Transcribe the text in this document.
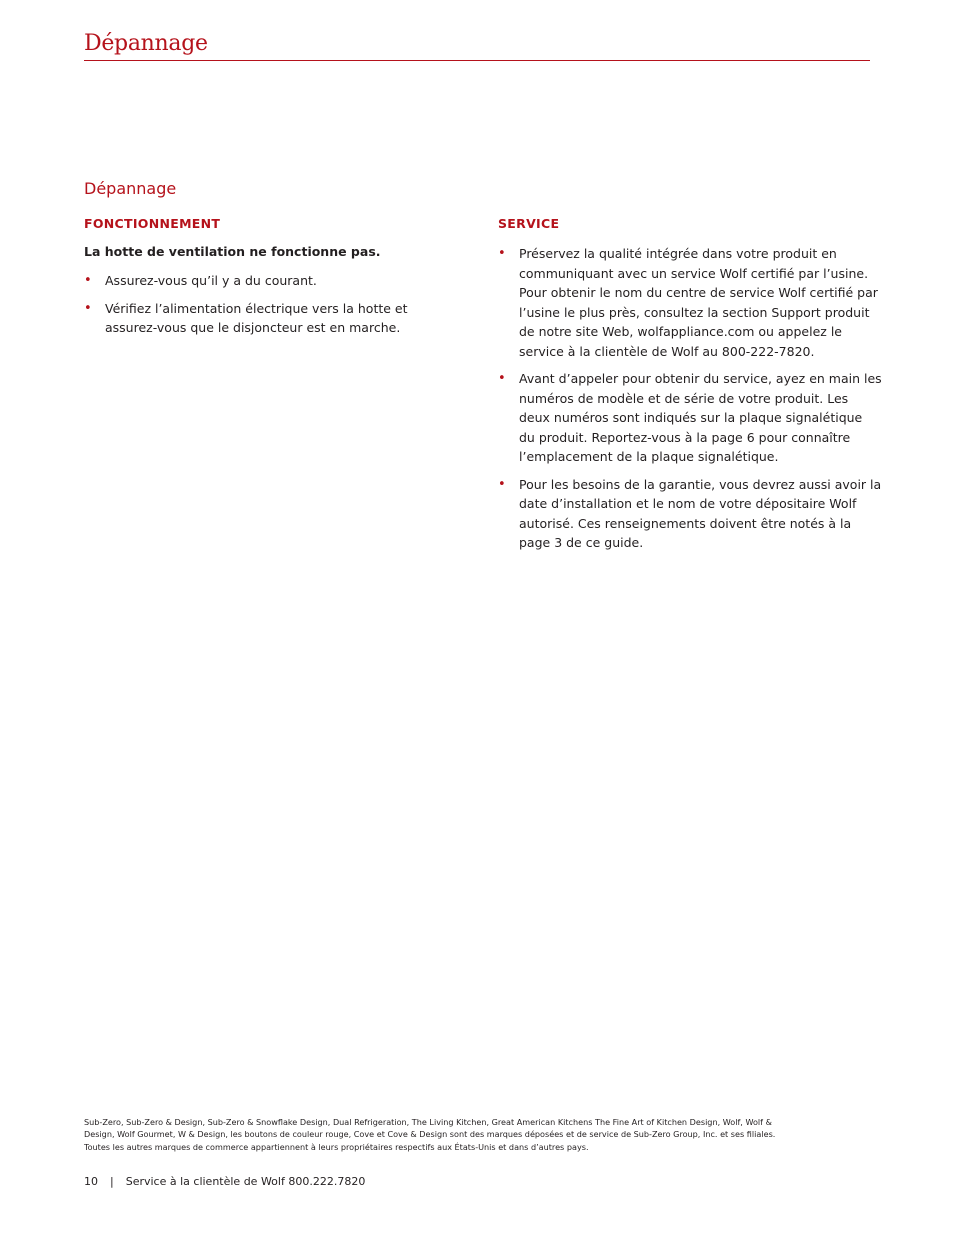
Dépannage
Dépannage
FONCTIONNEMENT

La hotte de ventilation ne fonctionne pas.

• Assurez-vous qu’il y a du courant.
• Vérifiez l’alimentation électrique vers la hotte et assurez-vous que le disjoncteur est en marche.
SERVICE
• Préservez la qualité intégrée dans votre produit en communiquant avec un service Wolf certifié par l’usine. Pour obtenir le nom du centre de service Wolf certifié par l’usine le plus près, consultez la section Support produit de notre site Web, wolfappliance.com ou appelez le service à la clientèle de Wolf au 800-222-7820.
• Avant d’appeler pour obtenir du service, ayez en main les numéros de modèle et de série de votre produit. Les deux numéros sont indiqués sur la plaque signalétique du produit. Reportez-vous à la page 6 pour connaître l’emplacement de la plaque signalétique.
• Pour les besoins de la garantie, vous devrez aussi avoir la date d’installation et le nom de votre dépositaire Wolf autorisé. Ces renseignements doivent être notés à la page 3 de ce guide.
Sub-Zero, Sub-Zero & Design, Sub-Zero & Snowflake Design, Dual Refrigeration, The Living Kitchen, Great American Kitchens The Fine Art of Kitchen Design, Wolf, Wolf &
Design, Wolf Gourmet, W & Design, les boutons de couleur rouge, Cove et Cove & Design sont des marques déposées et de service de Sub-Zero Group, Inc. et ses filiales.
Toutes les autres marques de commerce appartiennent à leurs propriétaires respectifs aux États-Unis et dans d’autres pays.
10 | Service à la clientèle de Wolf 800.222.7820
